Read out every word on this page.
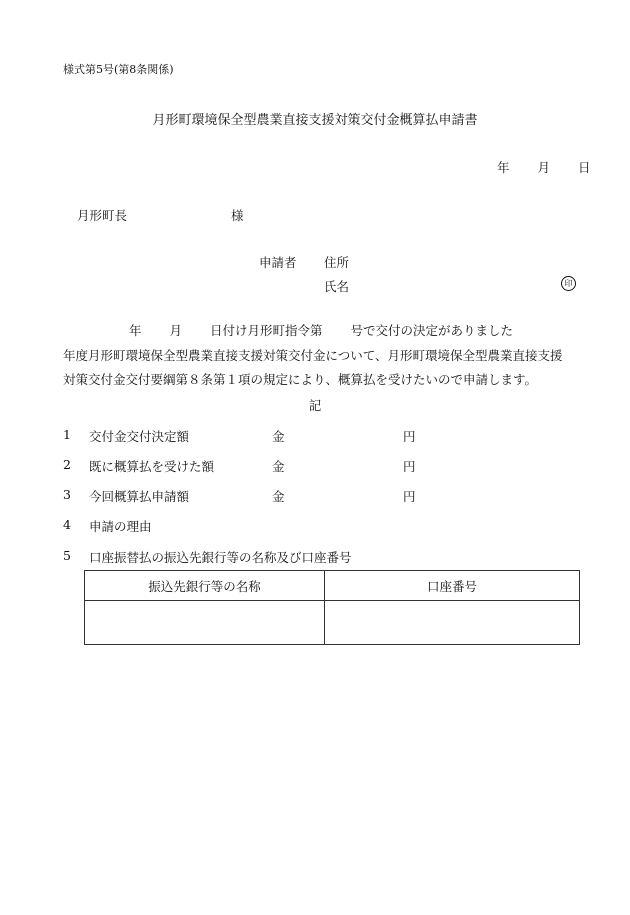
様式第5号(第8条関係)
月形町環境保全型農業直接支援対策交付金概算払申請書
年 月 日
月形町長	様
申請者 住所
氏名	印
年 月 日付け月形町指令第 号で交付の決定がありました
年度月形町環境保全型農業直接支援対策交付金について、月形町環境保全型農業直接支援
対策交付金交付要綱第８条第１項の規定により、概算払を受けたいので申請します。
記
1 交付金交付決定額	金	円
2 既に概算払を受けた額	金	円
3 今回概算払申請額	金	円
4 申請の理由
5 口座振替払の振込先銀行等の名称及び口座番号
振込先銀行等の名称	口座番号
